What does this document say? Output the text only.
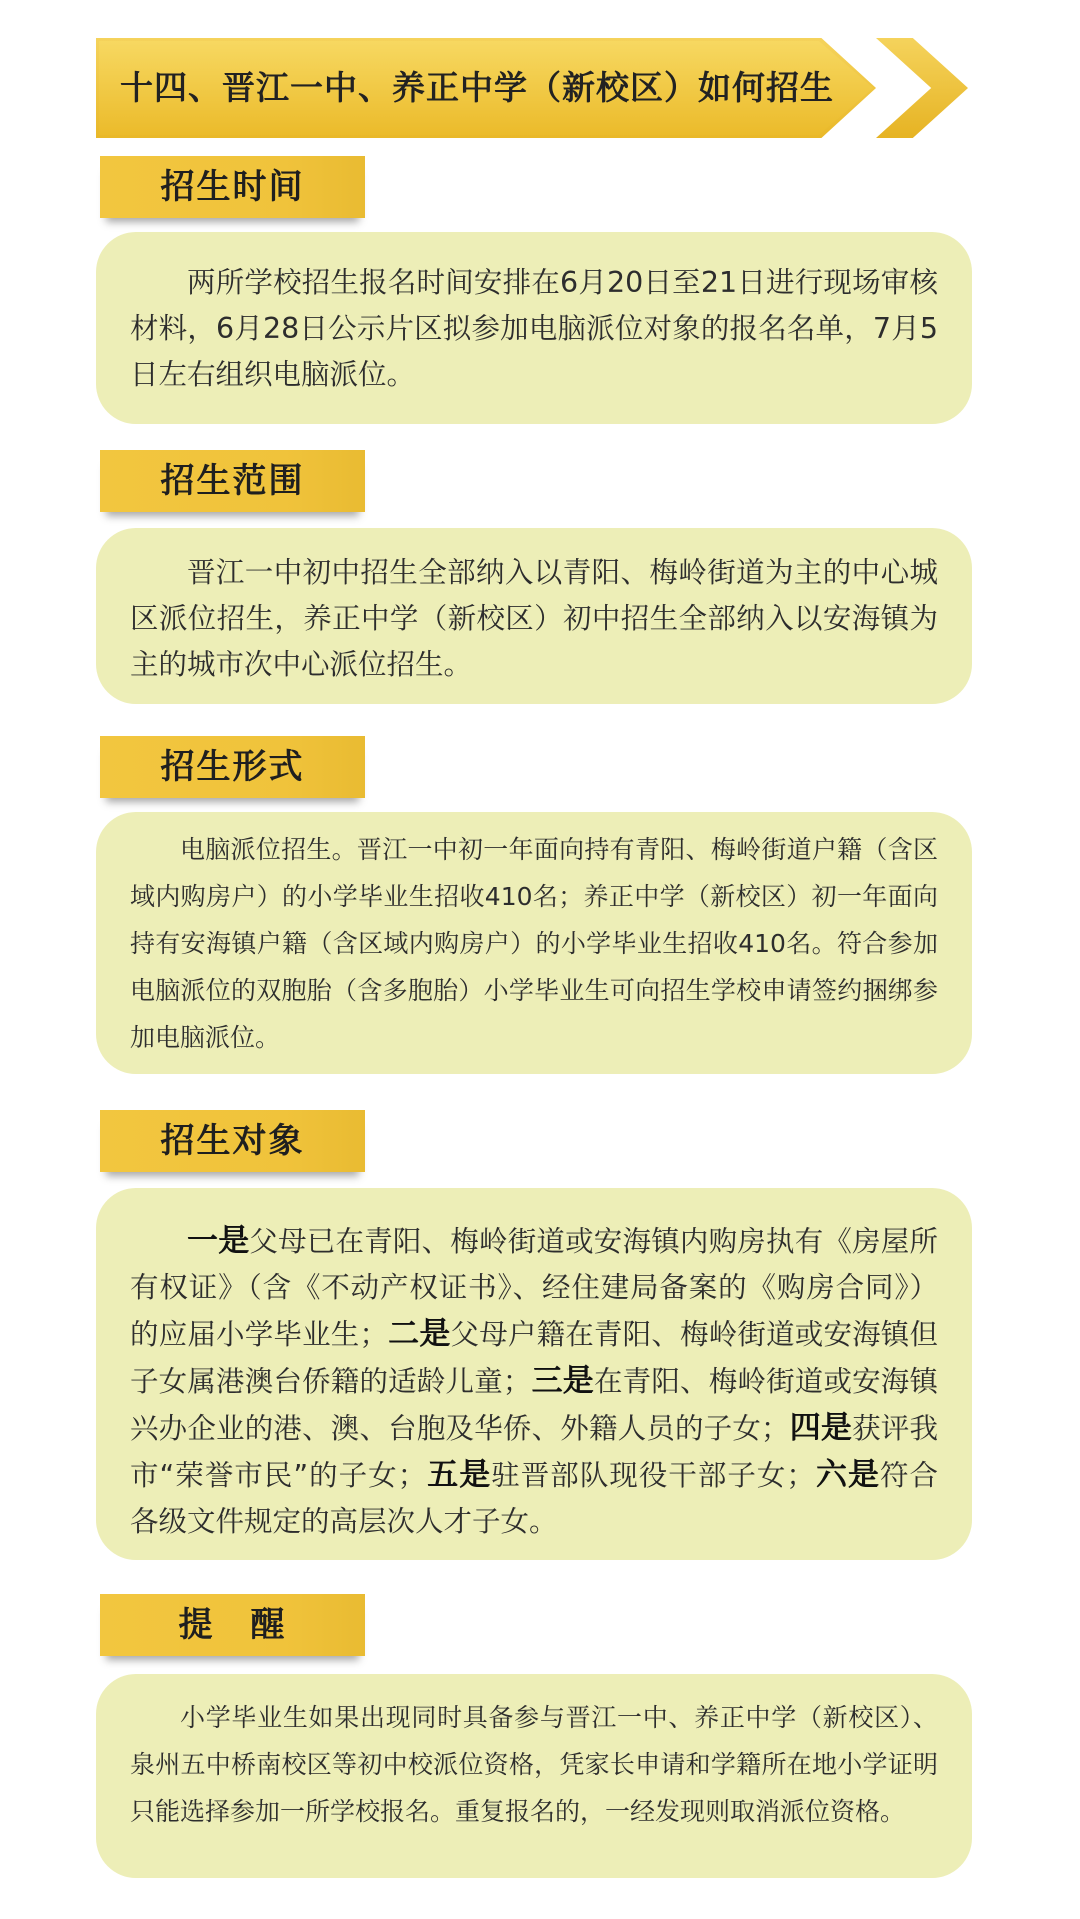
十四、晋江一中、养正中学（新校区）如何招生
招生时间

两所学校招生报名时间安排在6月20日至21日进行现场审核材料，6月28日公示片区拟参加电脑派位对象的报名名单，7月5日左右组织电脑派位。

招生范围

晋江一中初中招生全部纳入以青阳、梅岭街道为主的中心城区派位招生，养正中学（新校区）初中招生全部纳入以安海镇为主的城市次中心派位招生。

招生形式

电脑派位招生。晋江一中初一年面向持有青阳、梅岭街道户籍（含区域内购房户）的小学毕业生招收410名；养正中学（新校区）初一年面向持有安海镇户籍（含区域内购房户）的小学毕业生招收410名。符合参加电脑派位的双胞胎（含多胞胎）小学毕业生可向招生学校申请签约捆绑参加电脑派位。

招生对象

一是父母已在青阳、梅岭街道或安海镇内购房执有《房屋所有权证》（含《不动产权证书》、经住建局备案的《购房合同》）的应届小学毕业生；二是父母户籍在青阳、梅岭街道或安海镇但子女属港澳台侨籍的适龄儿童；三是在青阳、梅岭街道或安海镇兴办企业的港、澳、台胞及华侨、外籍人员的子女；四是获评我市“荣誉市民”的子女；五是驻晋部队现役干部子女；六是符合各级文件规定的高层次人才子女。

提　醒

小学毕业生如果出现同时具备参与晋江一中、养正中学（新校区）、泉州五中桥南校区等初中校派位资格，凭家长申请和学籍所在地小学证明只能选择参加一所学校报名。重复报名的，一经发现则取消派位资格。
